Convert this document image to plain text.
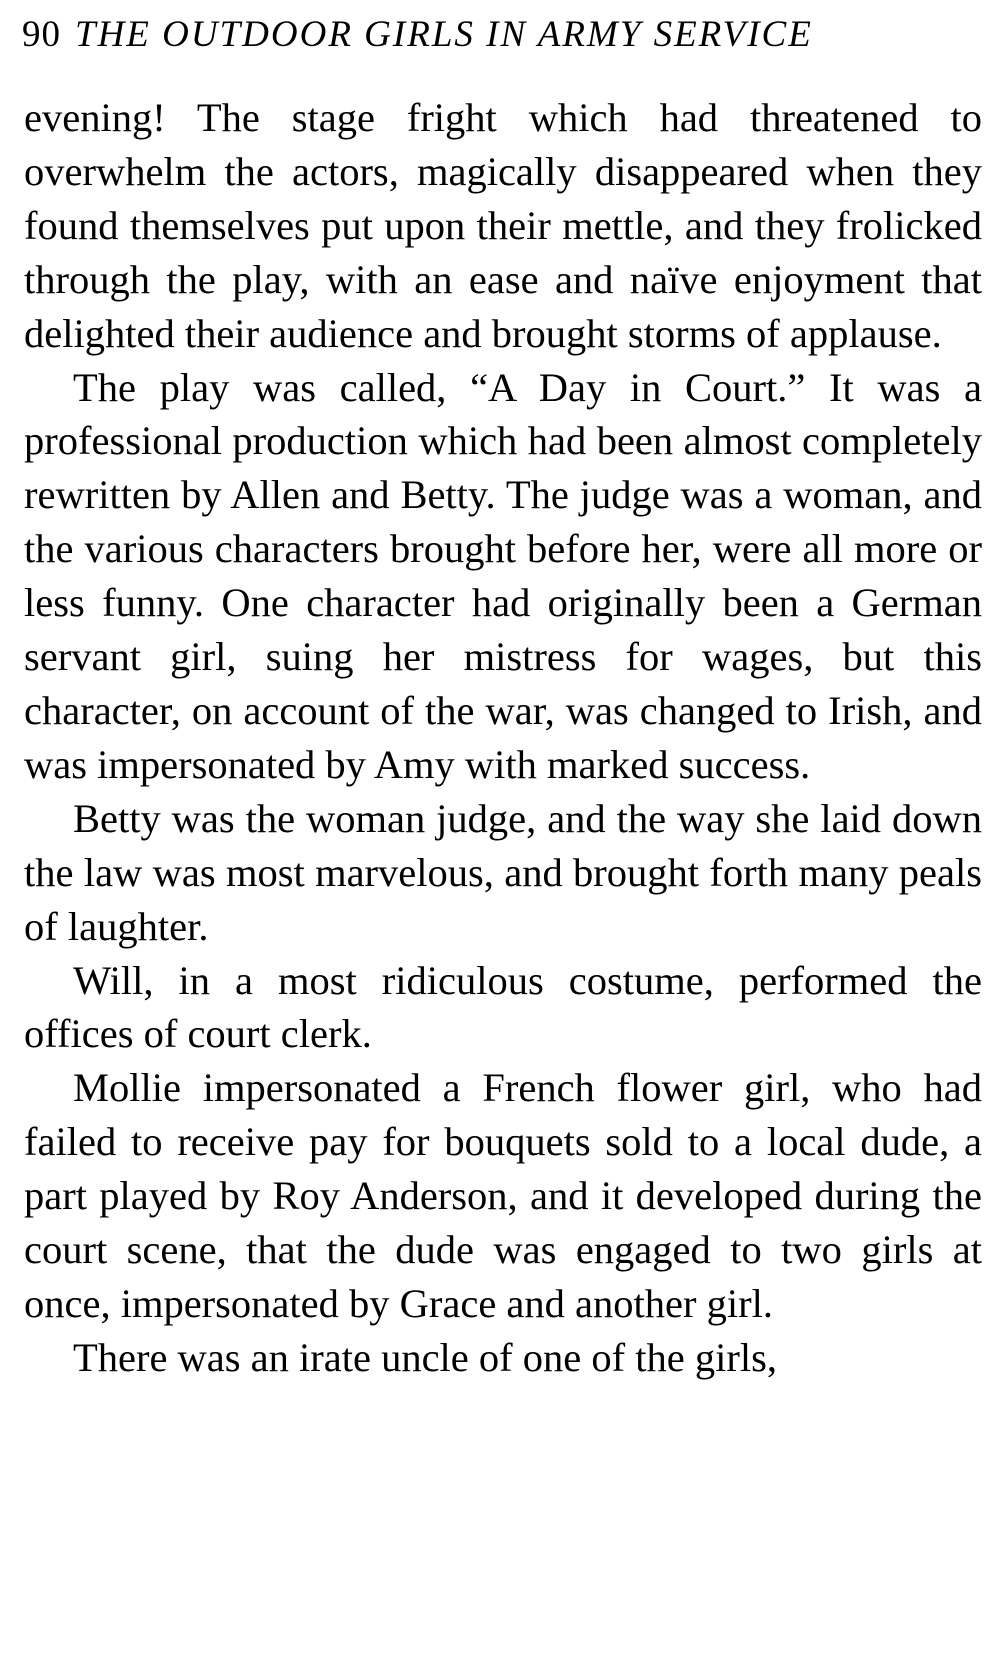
90 THE OUTDOOR GIRLS IN ARMY SERVICE

evening! The stage fright which had threatened to overwhelm the actors, magically disappeared when they found themselves put upon their mettle, and they frolicked through the play, with an ease and naïve enjoyment that delighted their audience and brought storms of applause.

The play was called, “A Day in Court.” It was a professional production which had been almost completely rewritten by Allen and Betty. The judge was a woman, and the various characters brought before her, were all more or less funny. One character had originally been a German servant girl, suing her mistress for wages, but this character, on account of the war, was changed to Irish, and was impersonated by Amy with marked success.

Betty was the woman judge, and the way she laid down the law was most marvelous, and brought forth many peals of laughter.

Will, in a most ridiculous costume, performed the offices of court clerk.

Mollie impersonated a French flower girl, who had failed to receive pay for bouquets sold to a local dude, a part played by Roy Anderson, and it developed during the court scene, that the dude was engaged to two girls at once, impersonated by Grace and another girl.

There was an irate uncle of one of the girls,
